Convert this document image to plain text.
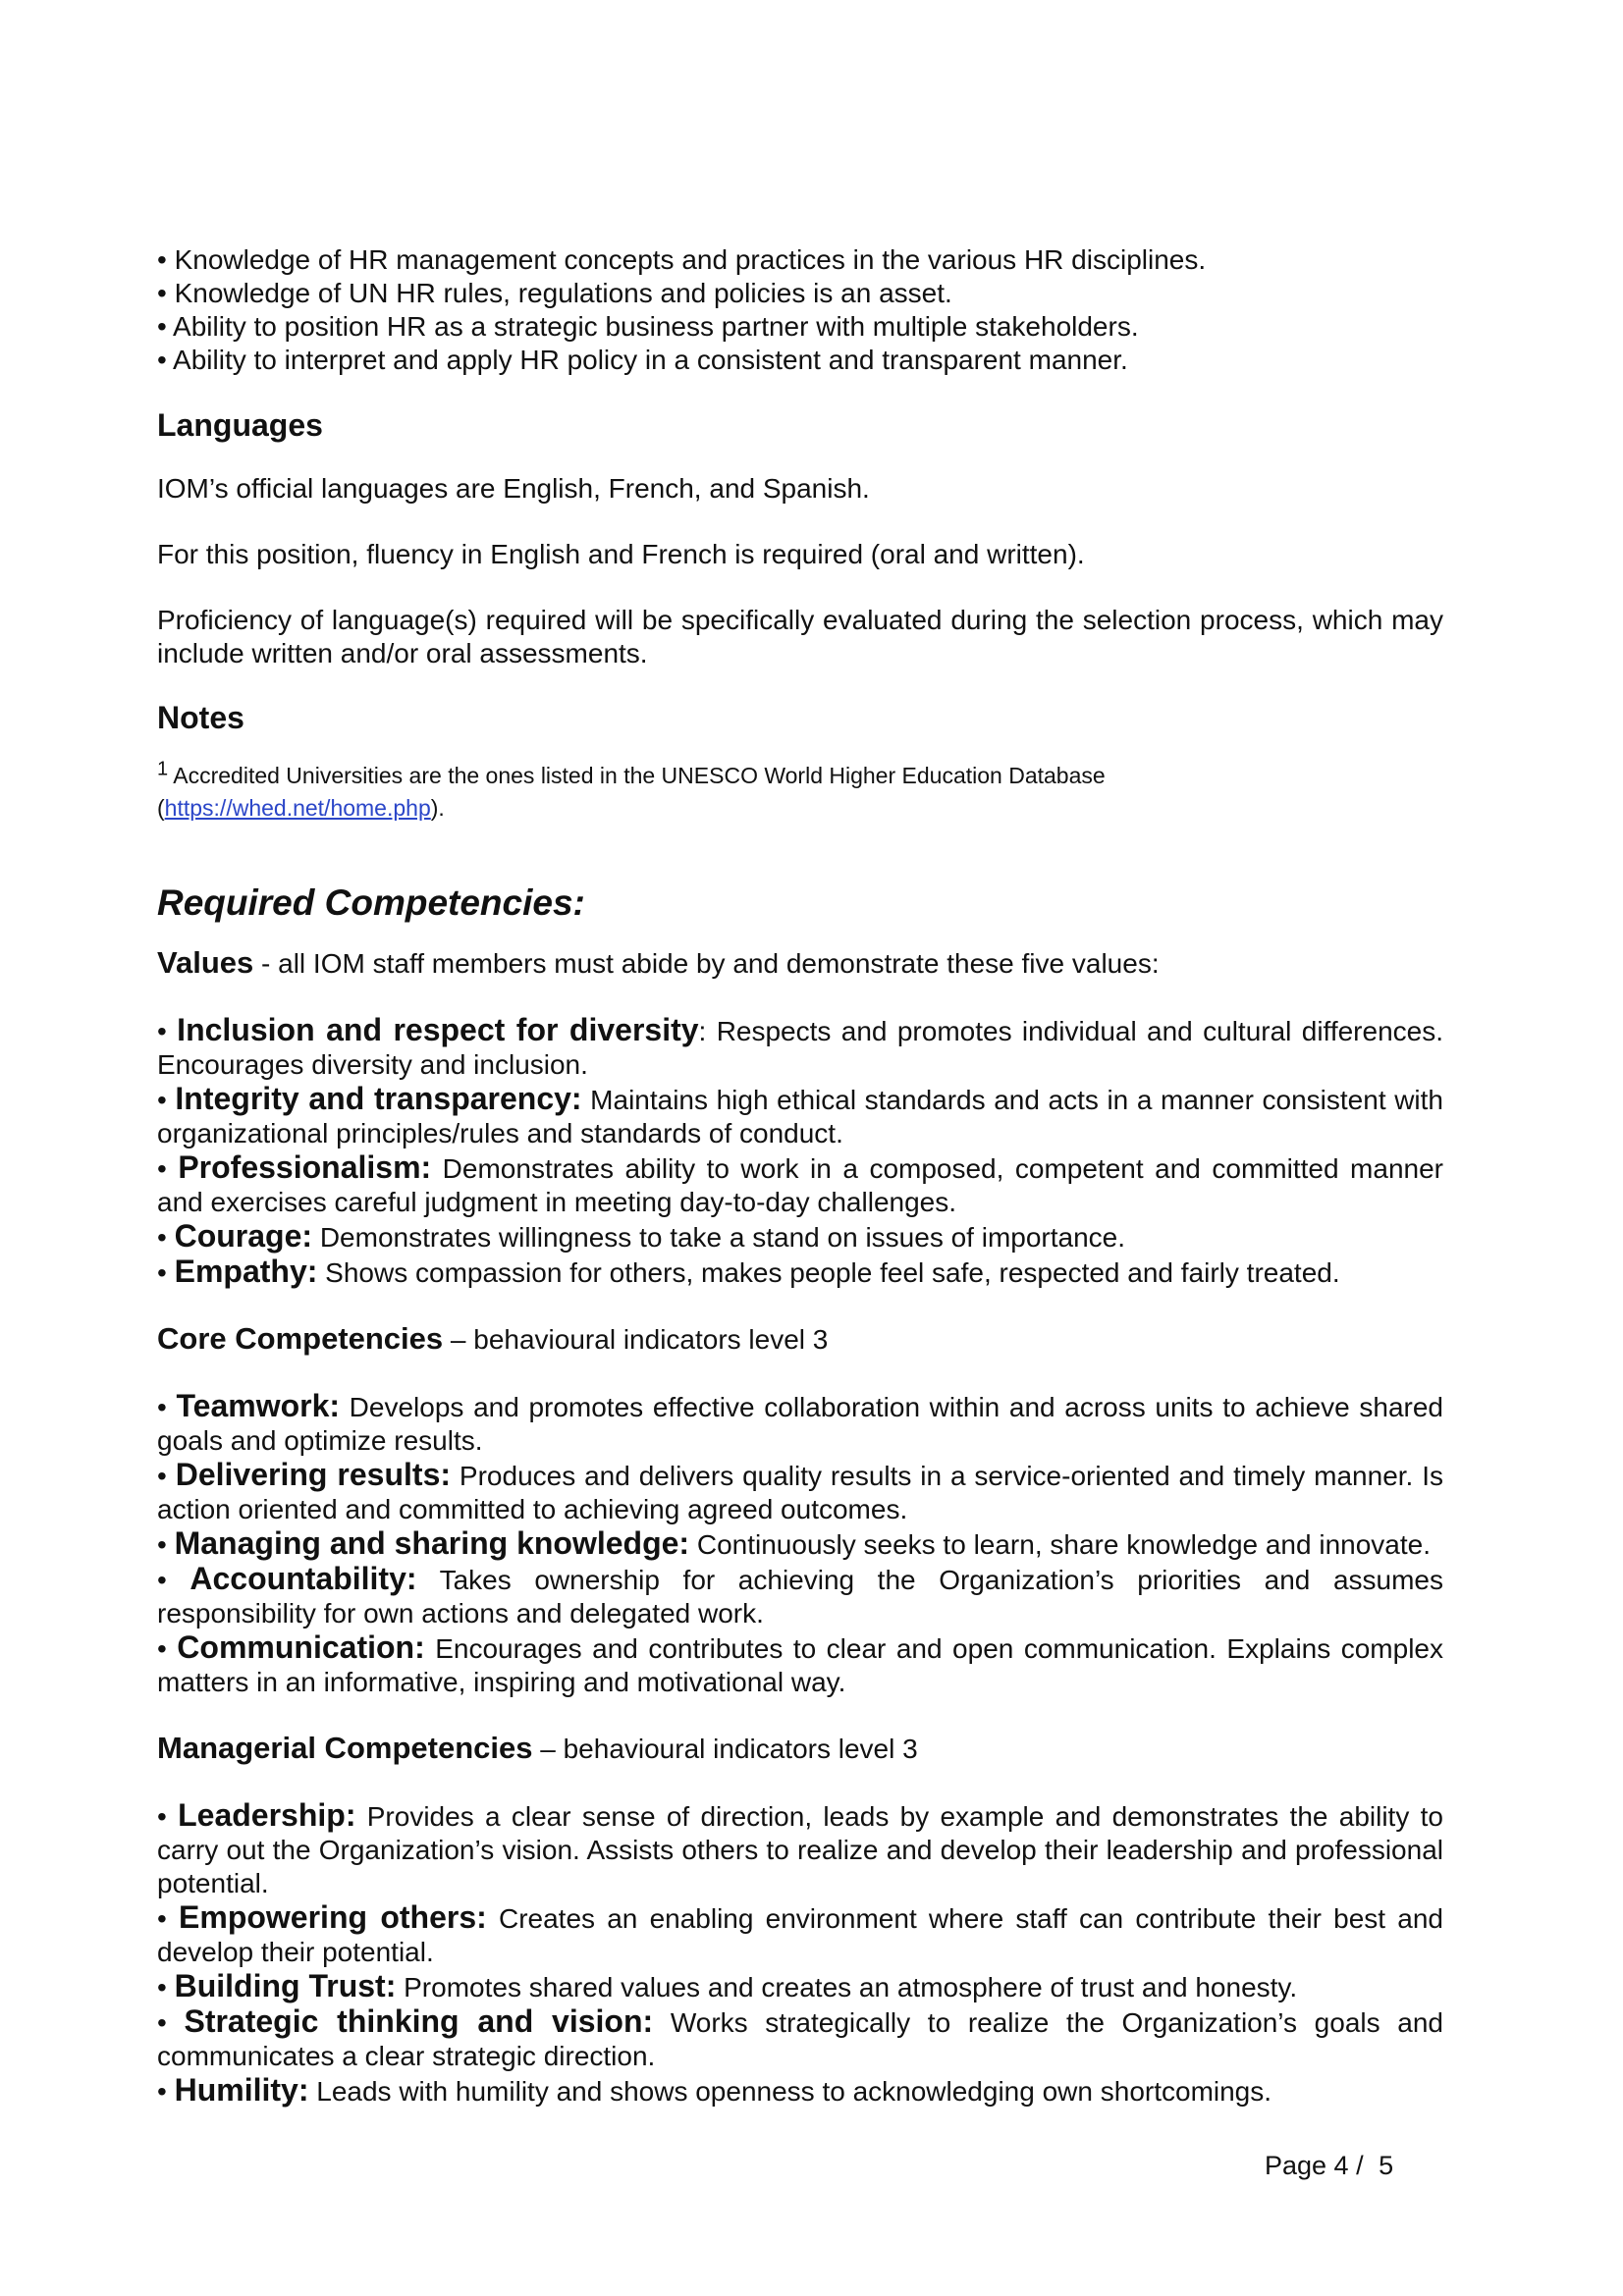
• Knowledge of HR management concepts and practices in the various HR disciplines.

• Knowledge of UN HR rules, regulations and policies is an asset.

• Ability to position HR as a strategic business partner with multiple stakeholders.

• Ability to interpret and apply HR policy in a consistent and transparent manner.

Languages

IOM’s official languages are English, French, and Spanish.

For this position, fluency in English and French is required (oral and written).

Proficiency of language(s) required will be specifically evaluated during the selection process, which may include written and/or oral assessments.

Notes

1 Accredited Universities are the ones listed in the UNESCO World Higher Education Database

(https://whed.net/home.php).

Required Competencies:

Values - all IOM staff members must abide by and demonstrate these five values:

• Inclusion and respect for diversity: Respects and promotes individual and cultural differences. Encourages diversity and inclusion.

• Integrity and transparency: Maintains high ethical standards and acts in a manner consistent with organizational principles/rules and standards of conduct.

• Professionalism: Demonstrates ability to work in a composed, competent and committed manner and exercises careful judgment in meeting day-to-day challenges.

• Courage: Demonstrates willingness to take a stand on issues of importance.

• Empathy: Shows compassion for others, makes people feel safe, respected and fairly treated.

Core Competencies – behavioural indicators level 3

• Teamwork: Develops and promotes effective collaboration within and across units to achieve shared goals and optimize results.

• Delivering results: Produces and delivers quality results in a service-oriented and timely manner. Is action oriented and committed to achieving agreed outcomes.

• Managing and sharing knowledge: Continuously seeks to learn, share knowledge and innovate.

• Accountability: Takes ownership for achieving the Organization’s priorities and assumes responsibility for own actions and delegated work.

• Communication: Encourages and contributes to clear and open communication. Explains complex matters in an informative, inspiring and motivational way.

Managerial Competencies – behavioural indicators level 3

• Leadership: Provides a clear sense of direction, leads by example and demonstrates the ability to carry out the Organization’s vision. Assists others to realize and develop their leadership and professional potential.

• Empowering others: Creates an enabling environment where staff can contribute their best and develop their potential.

• Building Trust: Promotes shared values and creates an atmosphere of trust and honesty.

• Strategic thinking and vision: Works strategically to realize the Organization’s goals and communicates a clear strategic direction.

• Humility: Leads with humility and shows openness to acknowledging own shortcomings.

Page 4 / 5
